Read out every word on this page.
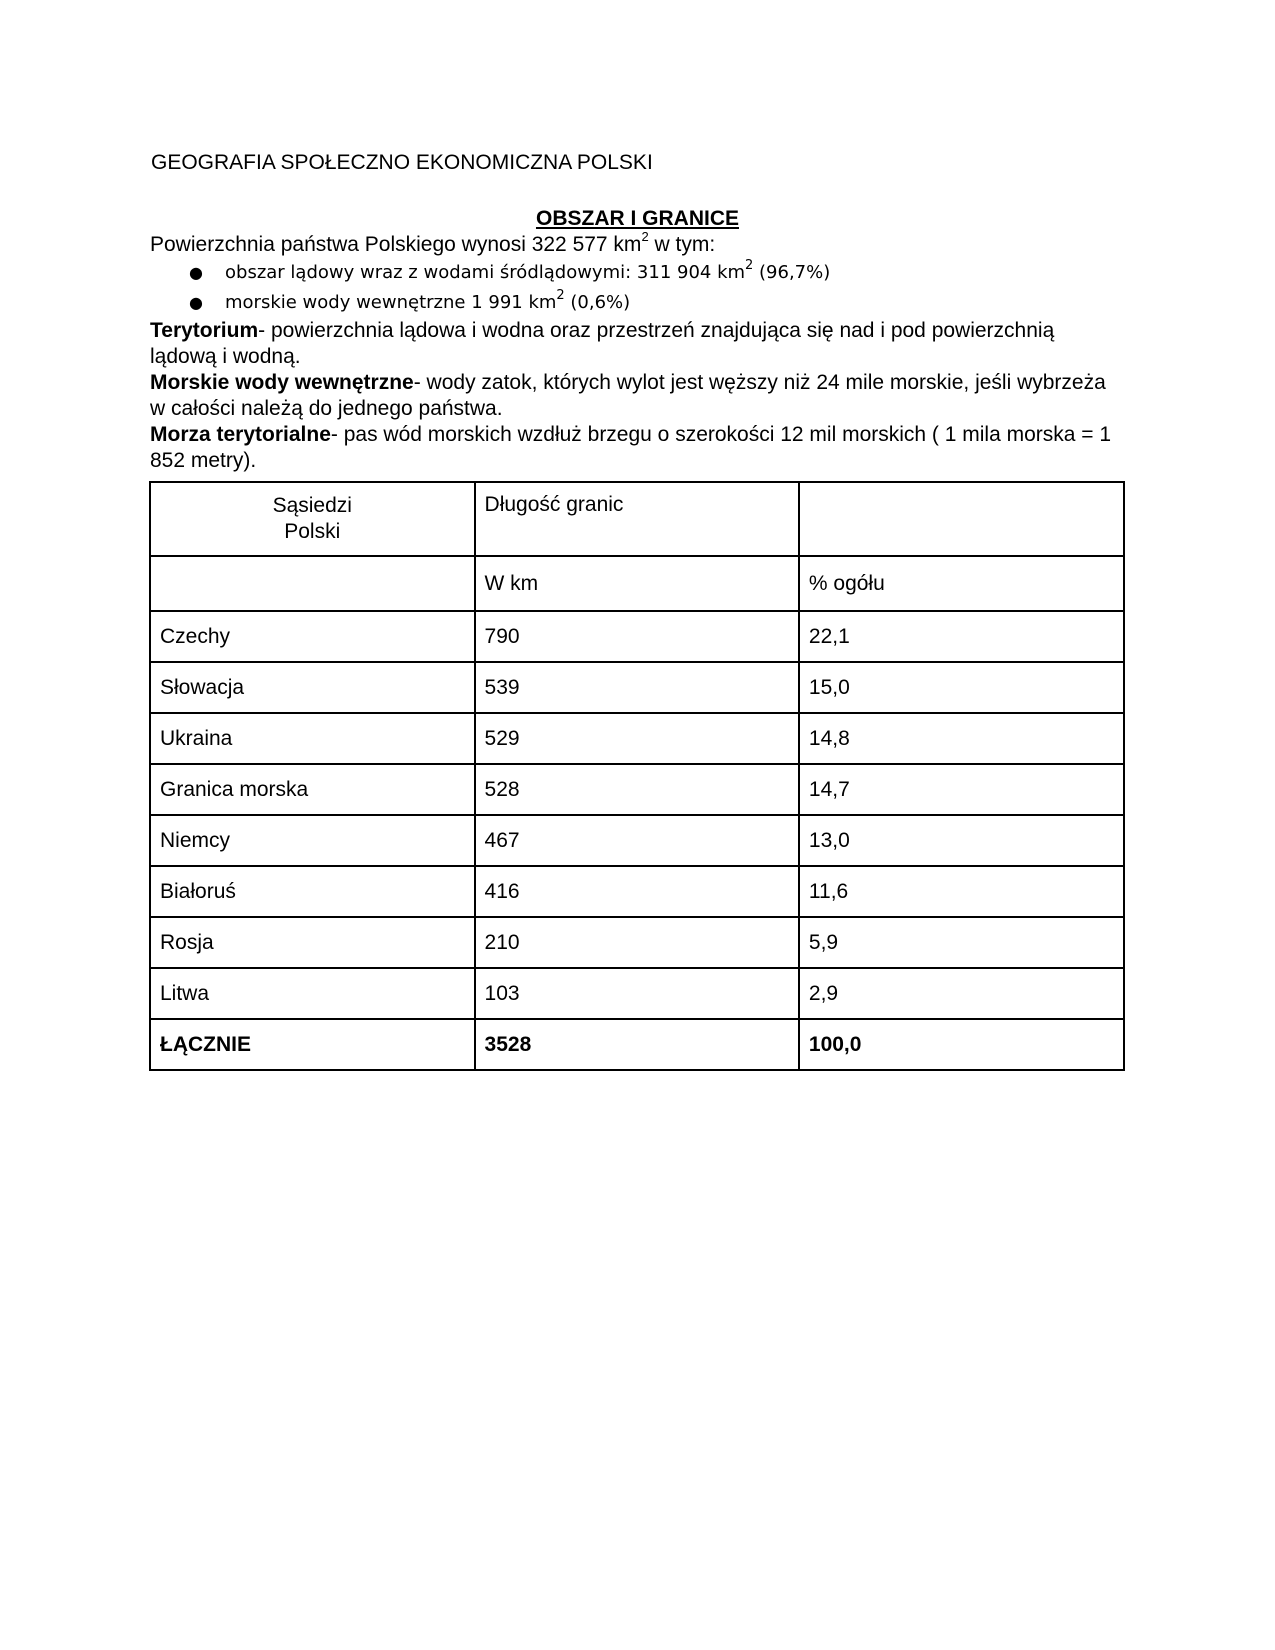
GEOGRAFIA SPOŁECZNO EKONOMICZNA POLSKI
OBSZAR I GRANICE
Powierzchnia państwa Polskiego wynosi 322 577 $km^2$ w tym:
● obszar lądowy wraz z wodami śródlądowymi: 311 904 $km^2$ (96,7%)
● morskie wody wewnętrzne 1 991 $km^2$ (0,6%)

Terytorium- powierzchnia lądowa i wodna oraz przestrzeń znajdująca się nad i pod powierzchnią lądową i wodną.

Morskie wody wewnętrzne- wody zatok, których wylot jest węższy niż 24 mile morskie, jeśli wybrzeża w całości należą do jednego państwa.

Morza terytorialne- pas wód morskich wzdłuż brzegu o szerokości 12 mil morskich ( 1 mila morska = 1 852 metry).

Sąsiedzi
Polski	Długość granic	
	W km	% ogółu
Czechy	790	22,1
Słowacja	539	15,0
Ukraina	529	14,8
Granica morska	528	14,7
Niemcy	467	13,0
Białoruś	416	11,6
Rosja	210	5,9
Litwa	103	2,9
ŁĄCZNIE	3528	100,0
